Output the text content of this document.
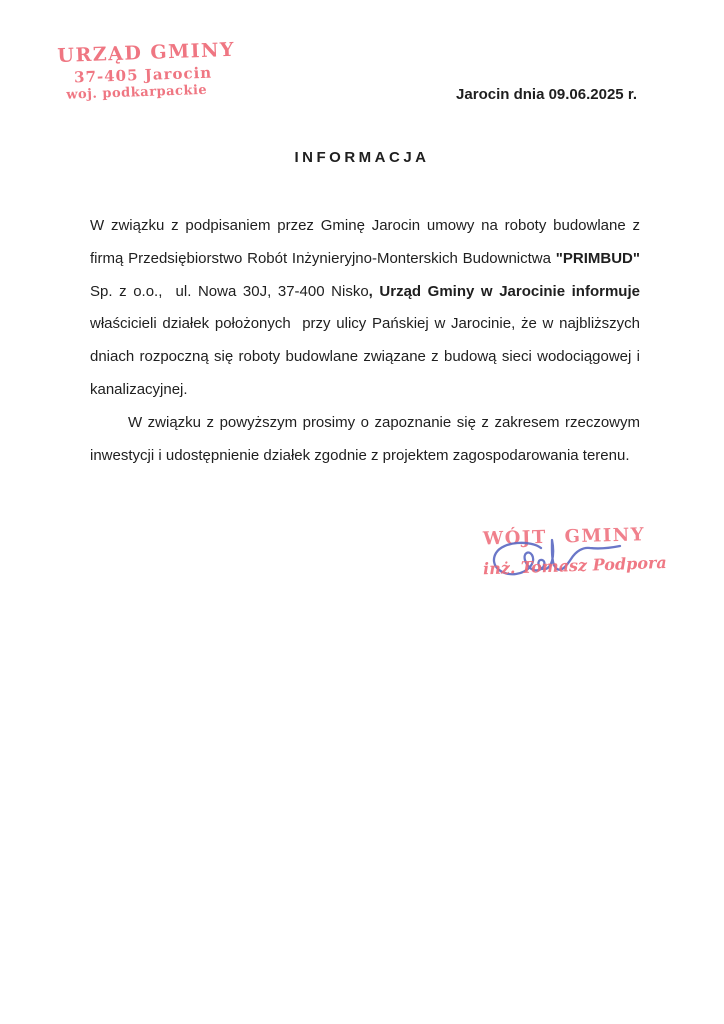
URZĄD GMINY
37-405 Jarocin
woj. podkarpackie	Jarocin dnia 09.06.2025 r.
INFORMACJA

W związku z podpisaniem przez Gminę Jarocin umowy na roboty budowlane z firmą Przedsiębiorstwo Robót Inżynieryjno-Monterskich Budownictwa "PRIMBUD" Sp. z o.o.,  ul. Nowa 30J, 37-400 Nisko, Urząd Gminy w Jarocinie informuje właścicieli działek położonych  przy ulicy Pańskiej w Jarocinie, że w najbliższych dniach rozpoczną się roboty budowlane związane z budową sieci wodociągowej i kanalizacyjnej.

W związku z powyższym prosimy o zapoznanie się z zakresem rzeczowym inwestycji i udostępnienie działek zgodnie z projektem zagospodarowania terenu.

WÓJT GMINY
inż. Tomasz Podpora
